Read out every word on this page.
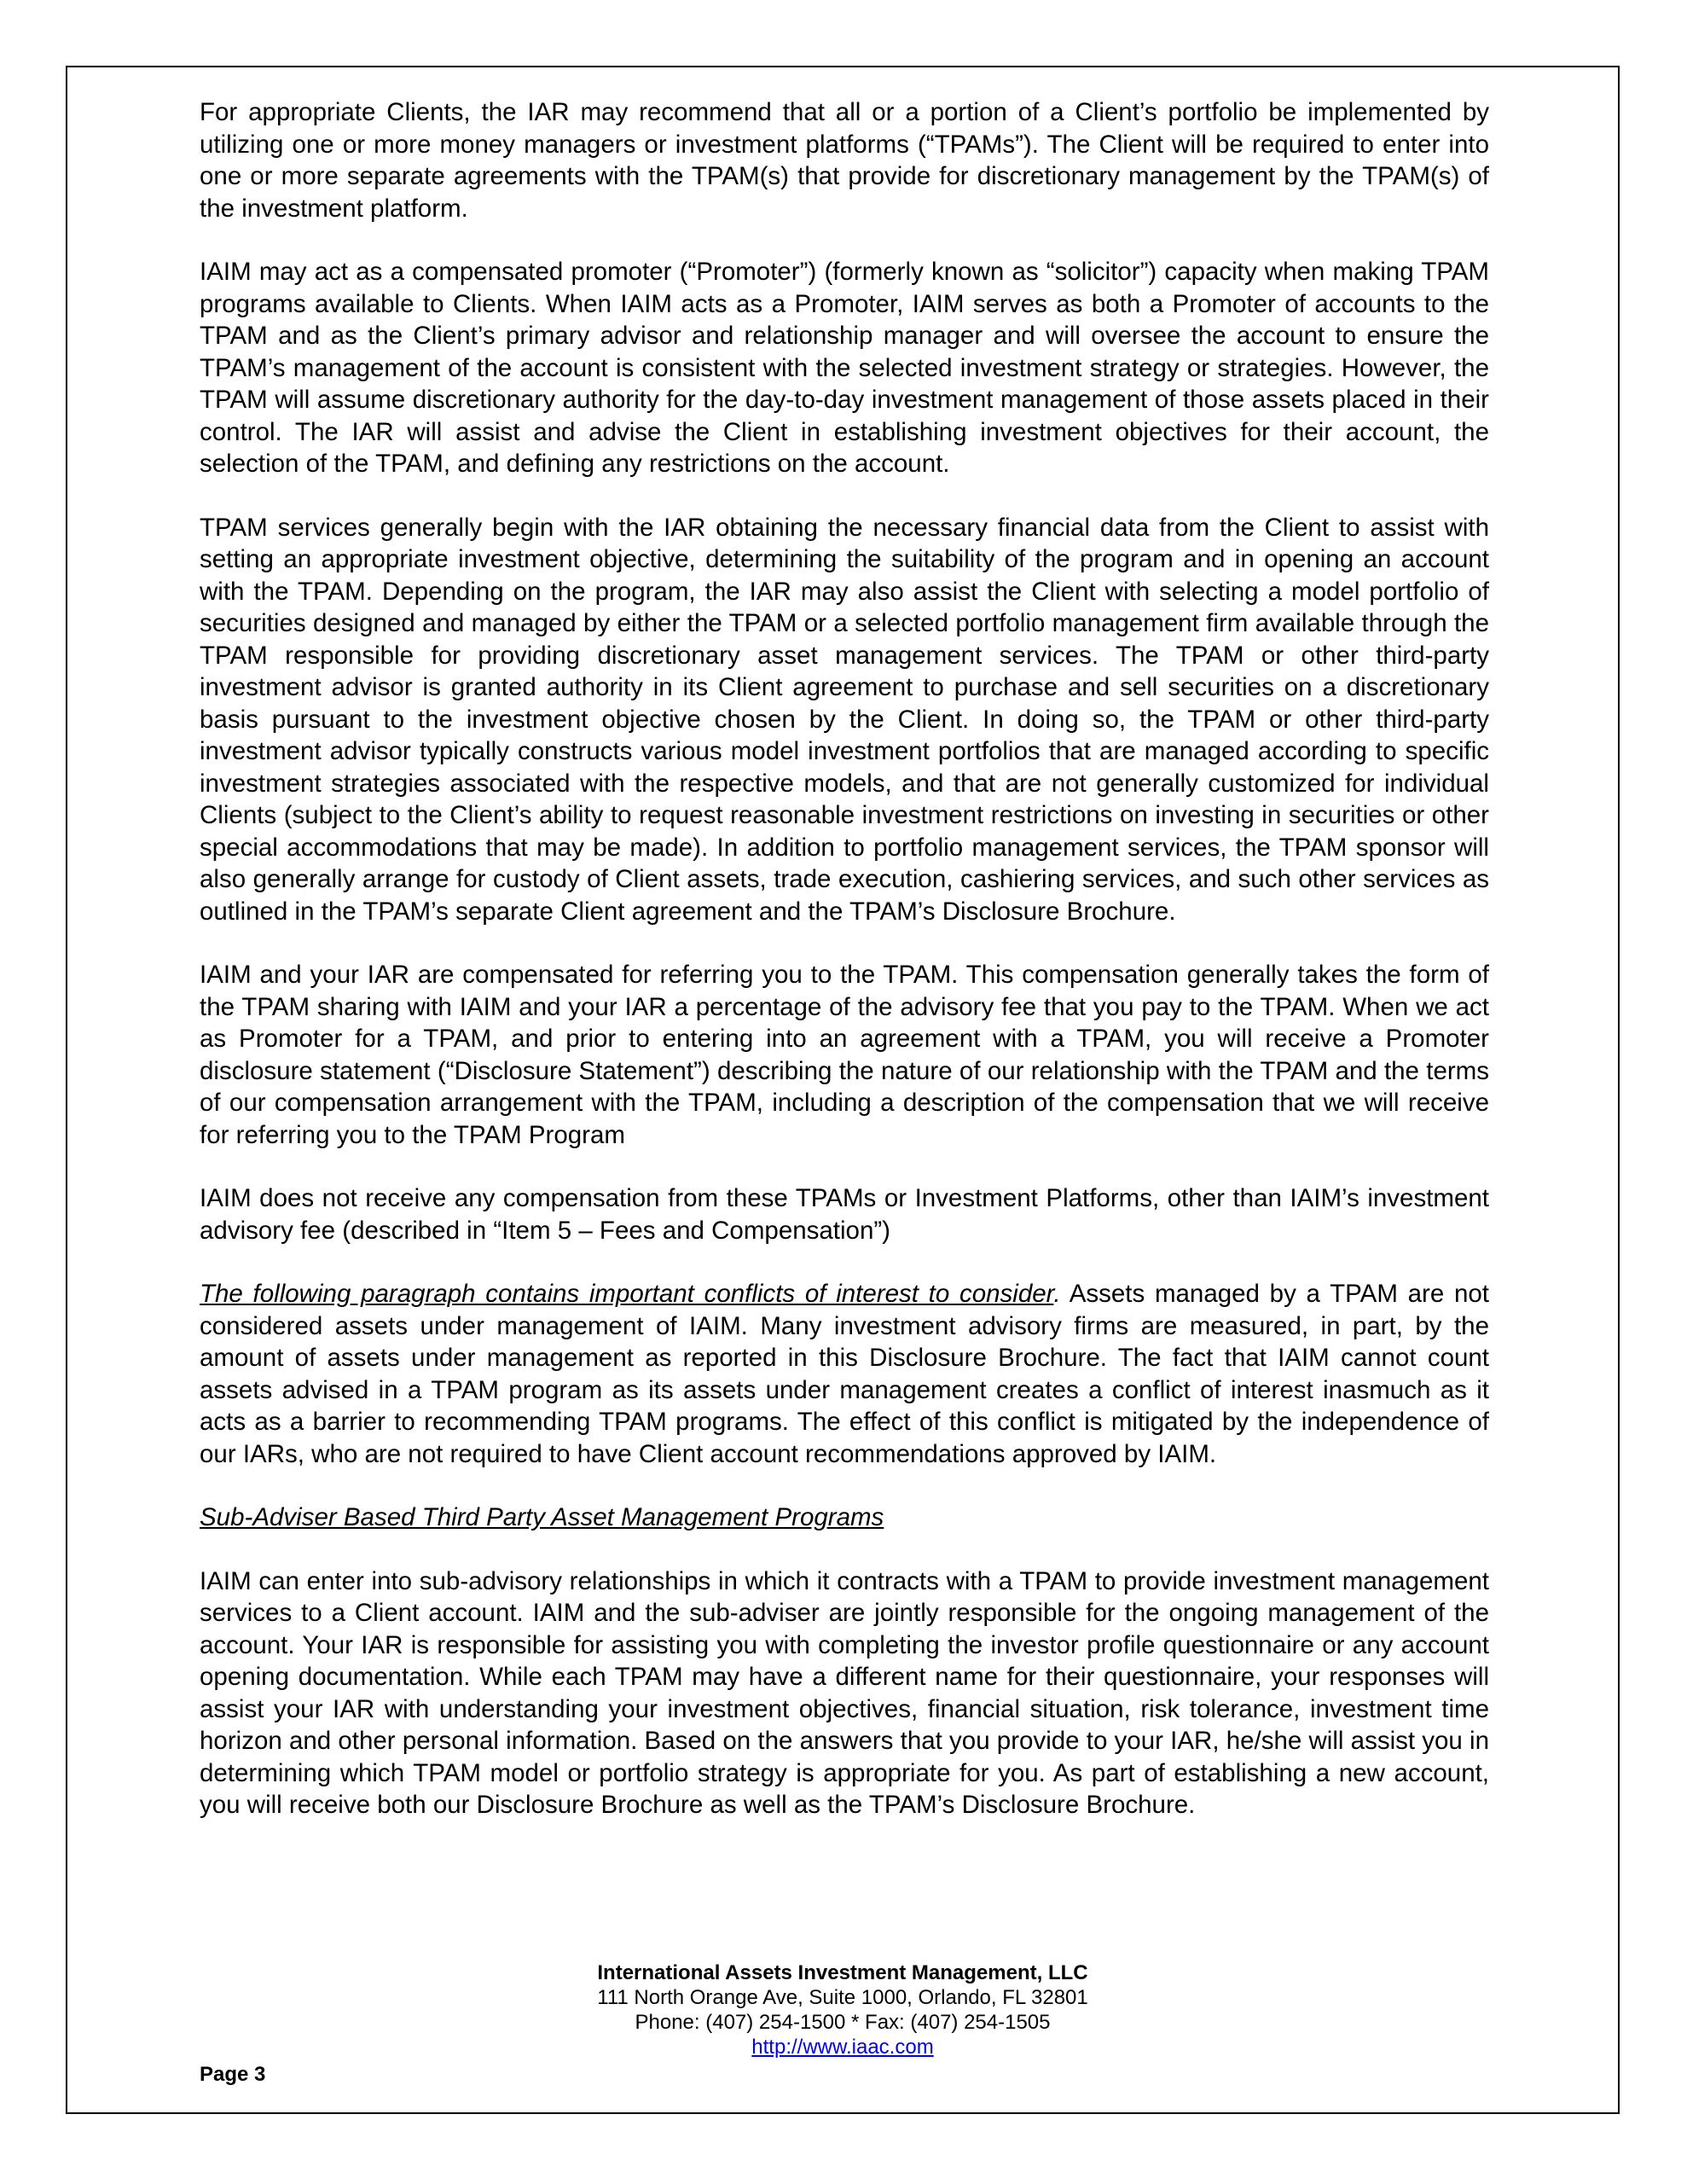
For appropriate Clients, the IAR may recommend that all or a portion of a Client’s portfolio be implemented by utilizing one or more money managers or investment platforms (“TPAMs”). The Client will be required to enter into one or more separate agreements with the TPAM(s) that provide for discretionary management by the TPAM(s) of the investment platform.

IAIM may act as a compensated promoter (“Promoter”) (formerly known as “solicitor”) capacity when making TPAM programs available to Clients. When IAIM acts as a Promoter, IAIM serves as both a Promoter of accounts to the TPAM and as the Client’s primary advisor and relationship manager and will oversee the account to ensure the TPAM’s management of the account is consistent with the selected investment strategy or strategies. However, the TPAM will assume discretionary authority for the day-to-day investment management of those assets placed in their control. The IAR will assist and advise the Client in establishing investment objectives for their account, the selection of the TPAM, and defining any restrictions on the account.

TPAM services generally begin with the IAR obtaining the necessary financial data from the Client to assist with setting an appropriate investment objective, determining the suitability of the program and in opening an account with the TPAM. Depending on the program, the IAR may also assist the Client with selecting a model portfolio of securities designed and managed by either the TPAM or a selected portfolio management firm available through the TPAM responsible for providing discretionary asset management services. The TPAM or other third-party investment advisor is granted authority in its Client agreement to purchase and sell securities on a discretionary basis pursuant to the investment objective chosen by the Client. In doing so, the TPAM or other third-party investment advisor typically constructs various model investment portfolios that are managed according to specific investment strategies associated with the respective models, and that are not generally customized for individual Clients (subject to the Client’s ability to request reasonable investment restrictions on investing in securities or other special accommodations that may be made). In addition to portfolio management services, the TPAM sponsor will also generally arrange for custody of Client assets, trade execution, cashiering services, and such other services as outlined in the TPAM’s separate Client agreement and the TPAM’s Disclosure Brochure.

IAIM and your IAR are compensated for referring you to the TPAM. This compensation generally takes the form of the TPAM sharing with IAIM and your IAR a percentage of the advisory fee that you pay to the TPAM. When we act as Promoter for a TPAM, and prior to entering into an agreement with a TPAM, you will receive a Promoter disclosure statement (“Disclosure Statement”) describing the nature of our relationship with the TPAM and the terms of our compensation arrangement with the TPAM, including a description of the compensation that we will receive for referring you to the TPAM Program

IAIM does not receive any compensation from these TPAMs or Investment Platforms, other than IAIM’s investment advisory fee (described in “Item 5 – Fees and Compensation”)

The following paragraph contains important conflicts of interest to consider. Assets managed by a TPAM are not considered assets under management of IAIM. Many investment advisory firms are measured, in part, by the amount of assets under management as reported in this Disclosure Brochure. The fact that IAIM cannot count assets advised in a TPAM program as its assets under management creates a conflict of interest inasmuch as it acts as a barrier to recommending TPAM programs. The effect of this conflict is mitigated by the independence of our IARs, who are not required to have Client account recommendations approved by IAIM.

Sub-Adviser Based Third Party Asset Management Programs

IAIM can enter into sub-advisory relationships in which it contracts with a TPAM to provide investment management services to a Client account. IAIM and the sub-adviser are jointly responsible for the ongoing management of the account. Your IAR is responsible for assisting you with completing the investor profile questionnaire or any account opening documentation. While each TPAM may have a different name for their questionnaire, your responses will assist your IAR with understanding your investment objectives, financial situation, risk tolerance, investment time horizon and other personal information. Based on the answers that you provide to your IAR, he/she will assist you in determining which TPAM model or portfolio strategy is appropriate for you. As part of establishing a new account, you will receive both our Disclosure Brochure as well as the TPAM’s Disclosure Brochure.

International Assets Investment Management, LLC
111 North Orange Ave, Suite 1000, Orlando, FL 32801
Phone: (407) 254-1500 * Fax: (407) 254-1505
http://www.iaac.com
Page 3
